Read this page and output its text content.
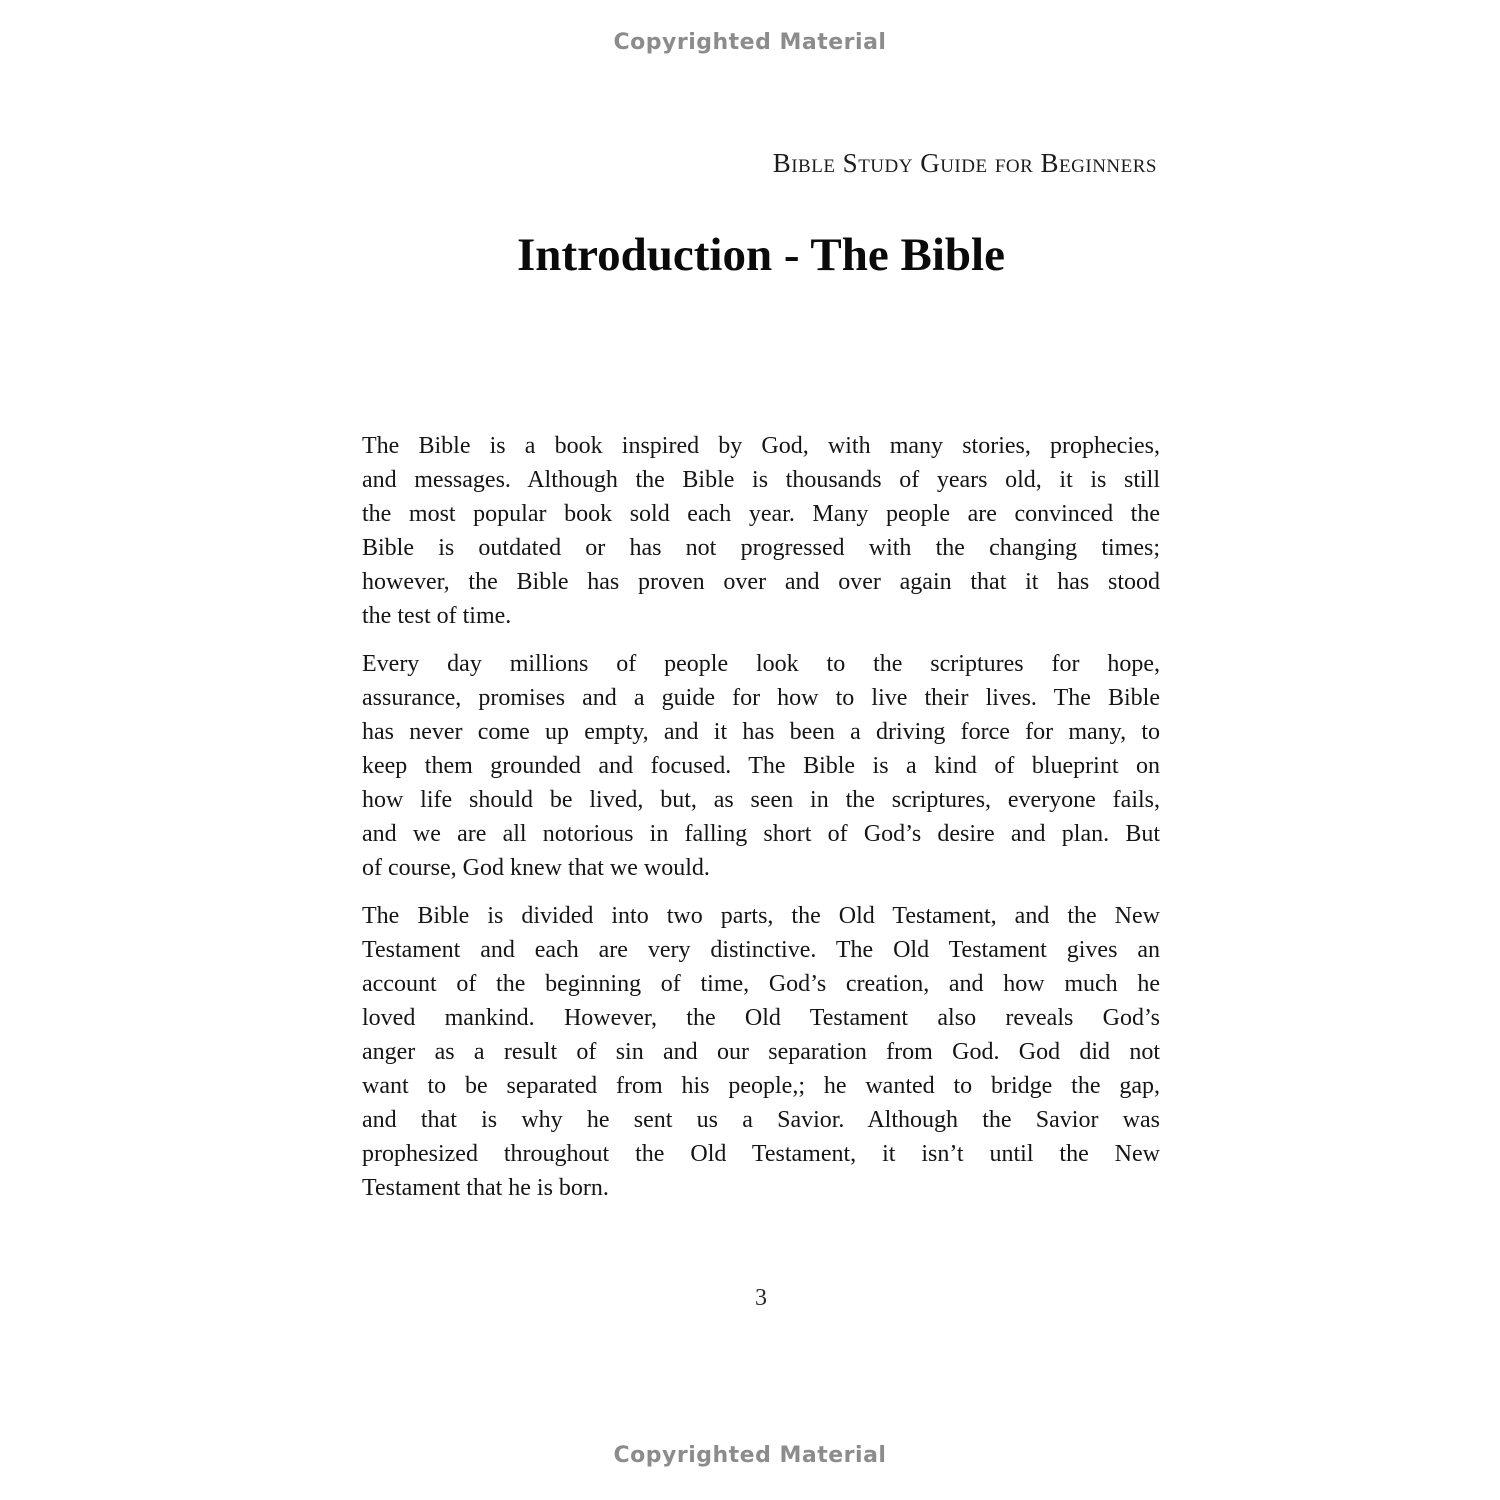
Copyrighted Material
Bible Study Guide for Beginners
Introduction - The Bible
The Bible is a book inspired by God, with many stories, prophecies,
and messages. Although the Bible is thousands of years old, it is still
the most popular book sold each year. Many people are convinced the
Bible is outdated or has not progressed with the changing times;
however, the Bible has proven over and over again that it has stood
the test of time.
Every day millions of people look to the scriptures for hope,
assurance, promises and a guide for how to live their lives. The Bible
has never come up empty, and it has been a driving force for many, to
keep them grounded and focused. The Bible is a kind of blueprint on
how life should be lived, but, as seen in the scriptures, everyone fails,
and we are all notorious in falling short of God’s desire and plan. But
of course, God knew that we would.
The Bible is divided into two parts, the Old Testament, and the New
Testament and each are very distinctive. The Old Testament gives an
account of the beginning of time, God’s creation, and how much he
loved mankind. However, the Old Testament also reveals God’s
anger as a result of sin and our separation from God. God did not
want to be separated from his people,; he wanted to bridge the gap,
and that is why he sent us a Savior. Although the Savior was
prophesized throughout the Old Testament, it isn’t until the New
Testament that he is born.
3
Copyrighted Material
